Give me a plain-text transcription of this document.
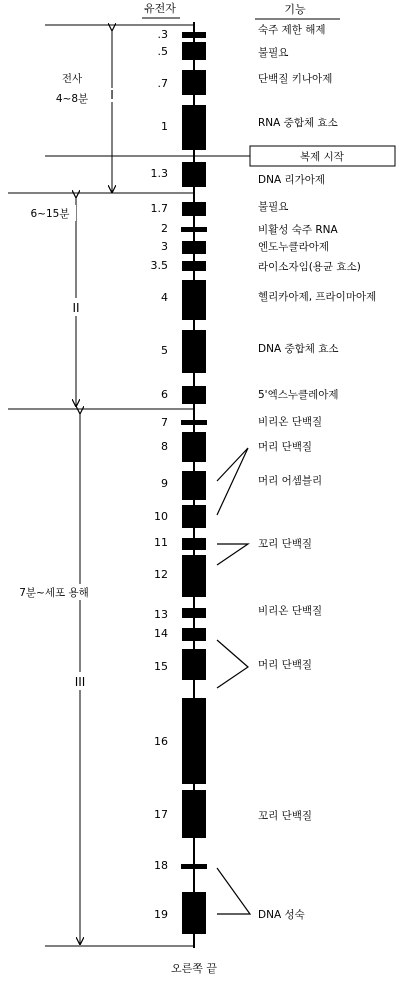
유전자	기능
.3
.5
.7
1
1.3
1.7
2
3
3.5
4
5
6
7
8
9
10
11
12
13
14
15
16
17
18
19
숙주 제한 해제
불필요
단백질 키나아제
RNA 중합체 효소
DNA 리가아제
불필요
비활성 숙주 RNA
엔도누클라아제
라이소자임(용균 효소)
헬리카아제, 프라이마아제
DNA 중합체 효소
5'엑스누클레아제
비리온 단백질
머리 단백질
머리 어셈블리
꼬리 단백질
비리온 단백질
머리 단백질
꼬리 단백질
DNA 성숙
I
전사 4~8분
II
6~15분
III
7분~세포 용해
복제 시작
오른쪽 끝
